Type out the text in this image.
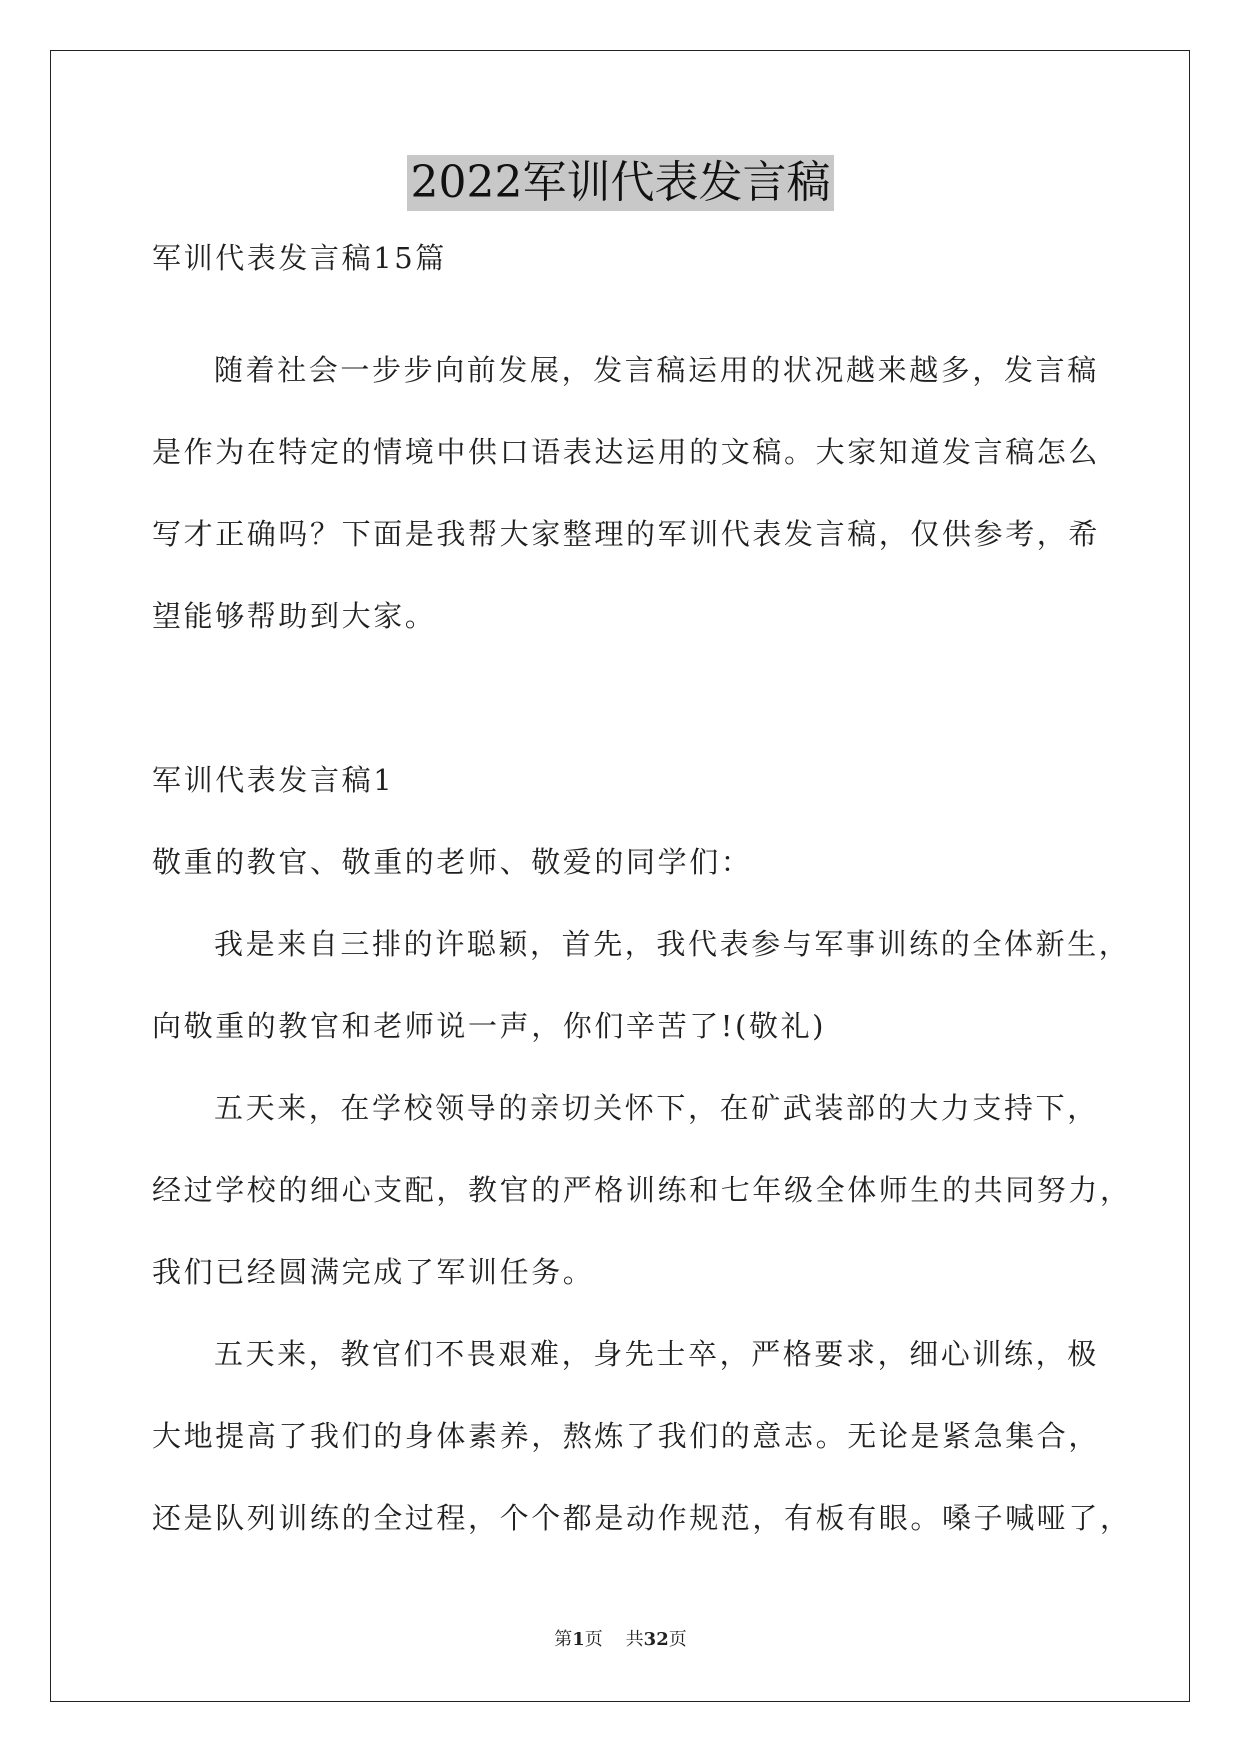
2022军训代表发言稿
军训代表发言稿15篇
随着社会一步步向前发展，发言稿运用的状况越来越多，发言稿
是作为在特定的情境中供口语表达运用的文稿。大家知道发言稿怎么
写才正确吗？下面是我帮大家整理的军训代表发言稿，仅供参考，希
望能够帮助到大家。
军训代表发言稿1
敬重的教官、敬重的老师、敬爱的同学们：
我是来自三排的许聪颖，首先，我代表参与军事训练的全体新生，
向敬重的教官和老师说一声，你们辛苦了!(敬礼)
五天来，在学校领导的亲切关怀下，在矿武装部的大力支持下，
经过学校的细心支配，教官的严格训练和七年级全体师生的共同努力，
我们已经圆满完成了军训任务。
五天来，教官们不畏艰难，身先士卒，严格要求，细心训练，极
大地提高了我们的身体素养，熬炼了我们的意志。无论是紧急集合，
还是队列训练的全过程，个个都是动作规范，有板有眼。嗓子喊哑了，
第1页 共32页
